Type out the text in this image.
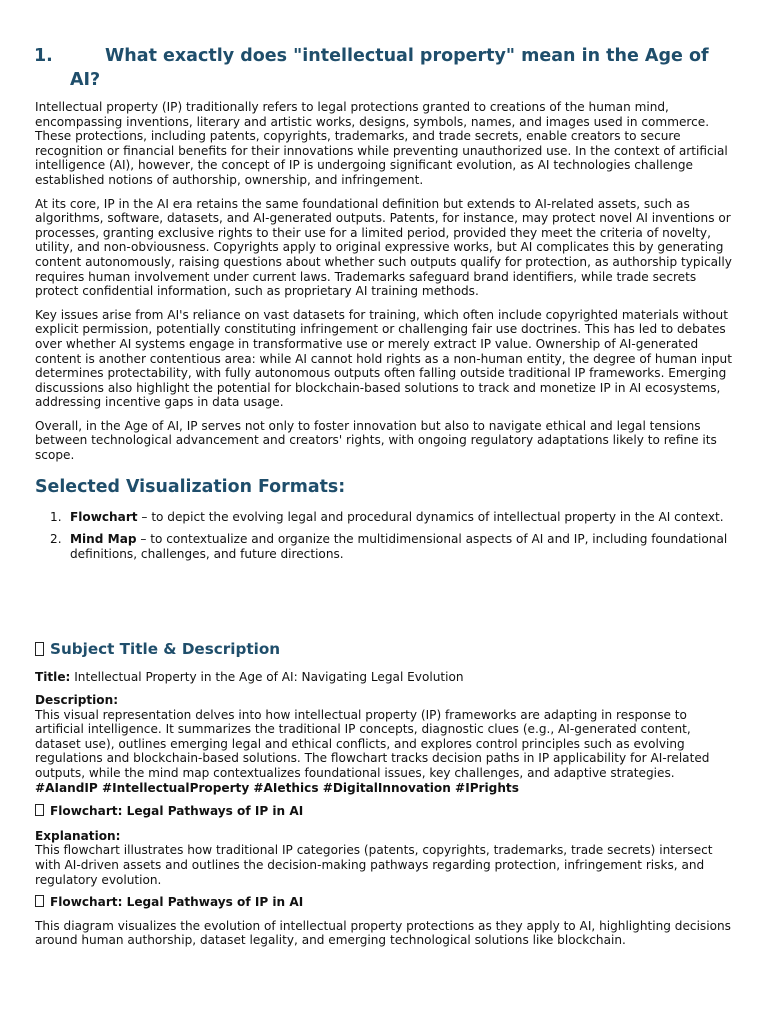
1.	What exactly does "intellectual property" mean in the Age of AI?

Intellectual property (IP) traditionally refers to legal protections granted to creations of the human mind, encompassing inventions, literary and artistic works, designs, symbols, names, and images used in commerce. These protections, including patents, copyrights, trademarks, and trade secrets, enable creators to secure recognition or financial benefits for their innovations while preventing unauthorized use. In the context of artificial intelligence (AI), however, the concept of IP is undergoing significant evolution, as AI technologies challenge established notions of authorship, ownership, and infringement.

At its core, IP in the AI era retains the same foundational definition but extends to AI-related assets, such as algorithms, software, datasets, and AI-generated outputs. Patents, for instance, may protect novel AI inventions or processes, granting exclusive rights to their use for a limited period, provided they meet the criteria of novelty, utility, and non-obviousness. Copyrights apply to original expressive works, but AI complicates this by generating content autonomously, raising questions about whether such outputs qualify for protection, as authorship typically requires human involvement under current laws. Trademarks safeguard brand identifiers, while trade secrets protect confidential information, such as proprietary AI training methods.

Key issues arise from AI's reliance on vast datasets for training, which often include copyrighted materials without explicit permission, potentially constituting infringement or challenging fair use doctrines. This has led to debates over whether AI systems engage in transformative use or merely extract IP value. Ownership of AI-generated content is another contentious area: while AI cannot hold rights as a non-human entity, the degree of human input determines protectability, with fully autonomous outputs often falling outside traditional IP frameworks. Emerging discussions also highlight the potential for blockchain-based solutions to track and monetize IP in AI ecosystems, addressing incentive gaps in data usage.

Overall, in the Age of AI, IP serves not only to foster innovation but also to navigate ethical and legal tensions between technological advancement and creators' rights, with ongoing regulatory adaptations likely to refine its scope.

Selected Visualization Formats:
1. Flowchart – to depict the evolving legal and procedural dynamics of intellectual property in the AI context.
2. Mind Map – to contextualize and organize the multidimensional aspects of AI and IP, including foundational definitions, challenges, and future directions.
Subject Title & Description

Title: Intellectual Property in the Age of AI: Navigating Legal Evolution

Description:

This visual representation delves into how intellectual property (IP) frameworks are adapting in response to artificial intelligence. It summarizes the traditional IP concepts, diagnostic clues (e.g., AI-generated content, dataset use), outlines emerging legal and ethical conflicts, and explores control principles such as evolving regulations and blockchain-based solutions. The flowchart tracks decision paths in IP applicability for AI-related outputs, while the mind map contextualizes foundational issues, key challenges, and adaptive strategies.

#AIandIP #IntellectualProperty #AIethics #DigitalInnovation #IPrights

Flowchart: Legal Pathways of IP in AI

Explanation:

This flowchart illustrates how traditional IP categories (patents, copyrights, trademarks, trade secrets) intersect with AI-driven assets and outlines the decision-making pathways regarding protection, infringement risks, and regulatory evolution.

Flowchart: Legal Pathways of IP in AI

This diagram visualizes the evolution of intellectual property protections as they apply to AI, highlighting decisions around human authorship, dataset legality, and emerging technological solutions like blockchain.
